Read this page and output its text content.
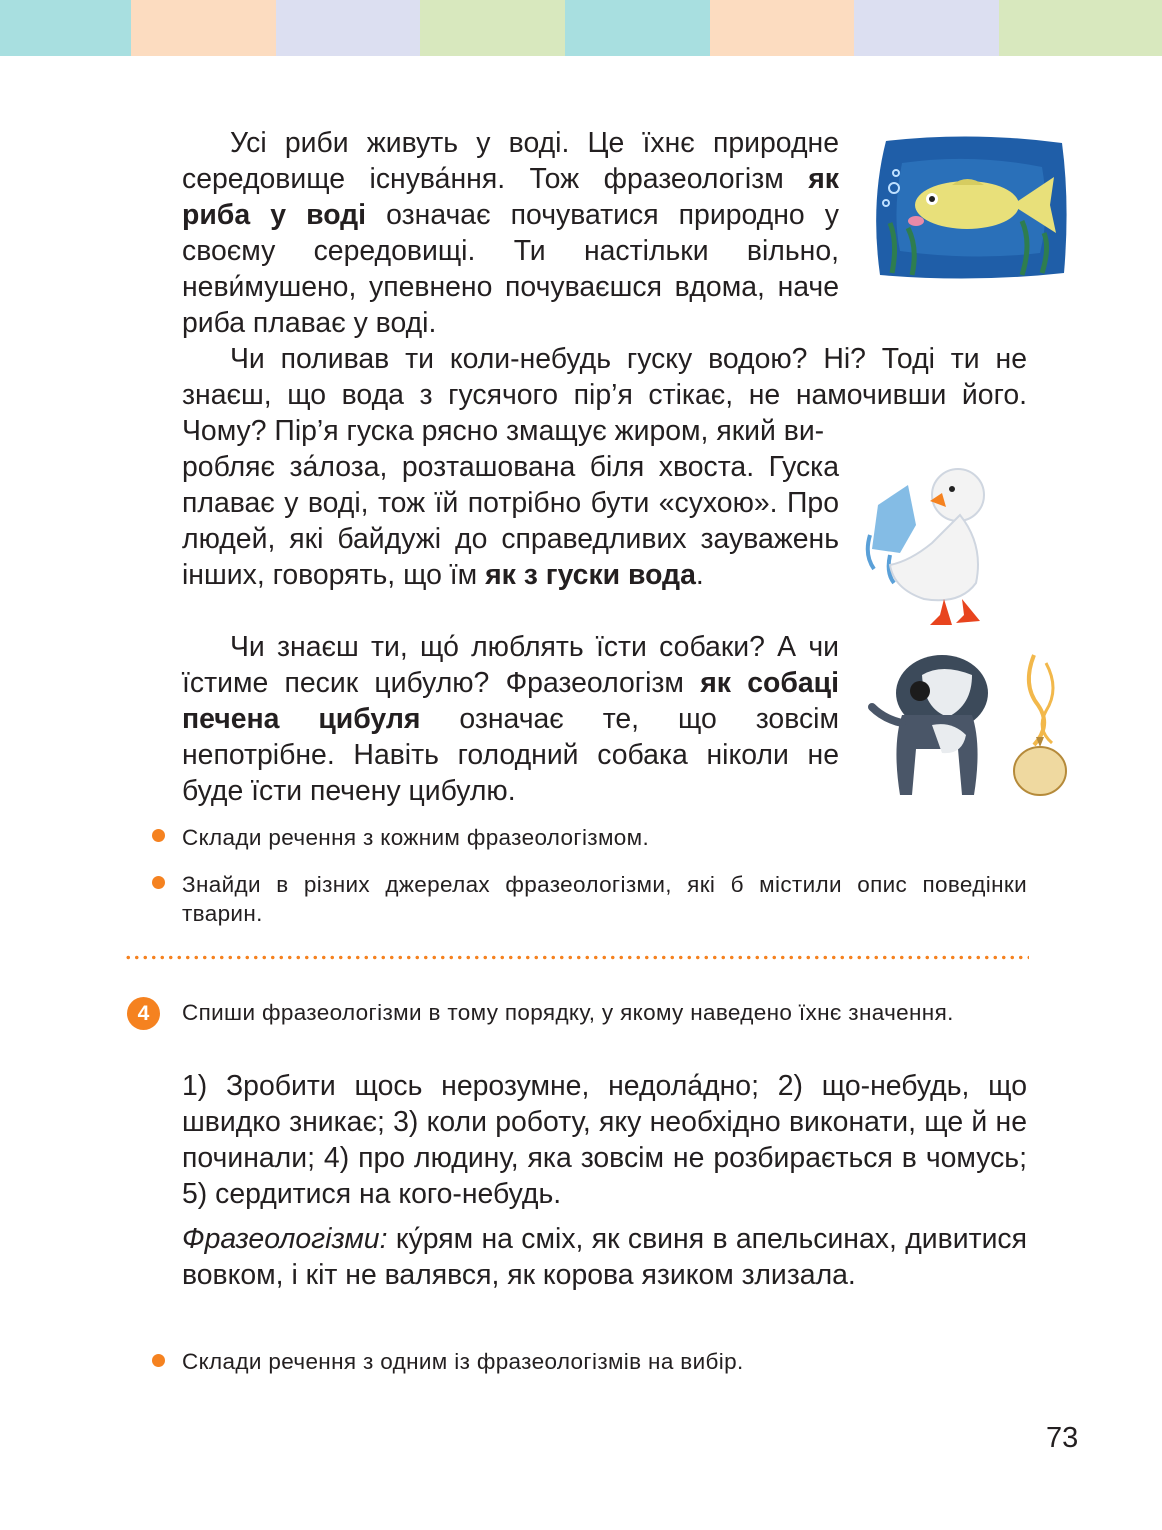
Усі риби живуть у воді. Це їхнє природне середовище існува́ння. Тож фразеологізм як риба у воді означає почуватися природно у своєму середовищі. Ти настільки вільно, неви́мушено, упевнено почуваєшся вдома, наче риба плаває у воді.

Чи поливав ти коли-небудь гуску водою? Ні? Тоді ти не знаєш, що вода з гусячого пір’я стікає, не намочивши його. Чому? Пір’я гуска рясно змащує жиром, який ви-

робляє за́лоза, розташована біля хвоста. Гуска плаває у воді, тож їй потрібно бути «сухою». Про людей, які байдужі до справедливих зауважень інших, говорять, що їм як з гуски вода.

Чи знаєш ти, що́ люблять їсти собаки? А чи їстиме песик цибулю? Фразеологізм як собаці печена цибуля означає те, що зовсім непотрібне. Навіть голодний собака ніколи не буде їсти печену цибулю.

Склади речення з кожним фразеологізмом.
Знайди в різних джерелах фразеологізми, які б містили опис поведінки тварин.
4	Спиши фразеологізми в тому порядку, у якому наведено їхнє значення.

1) Зробити щось нерозумне, недола́дно; 2) що-небудь, що швидко зникає; 3) коли роботу, яку необхідно виконати, ще й не починали; 4) про людину, яка зовсім не розбирається в чомусь; 5) сердитися на кого-небудь.

Фразеологізми: ку́рям на сміх, як свиня в апельсинах, дивитися вовком, і кіт не валявся, як корова язиком злизала.

Склади речення з одним із фразеологізмів на вибір.
73
